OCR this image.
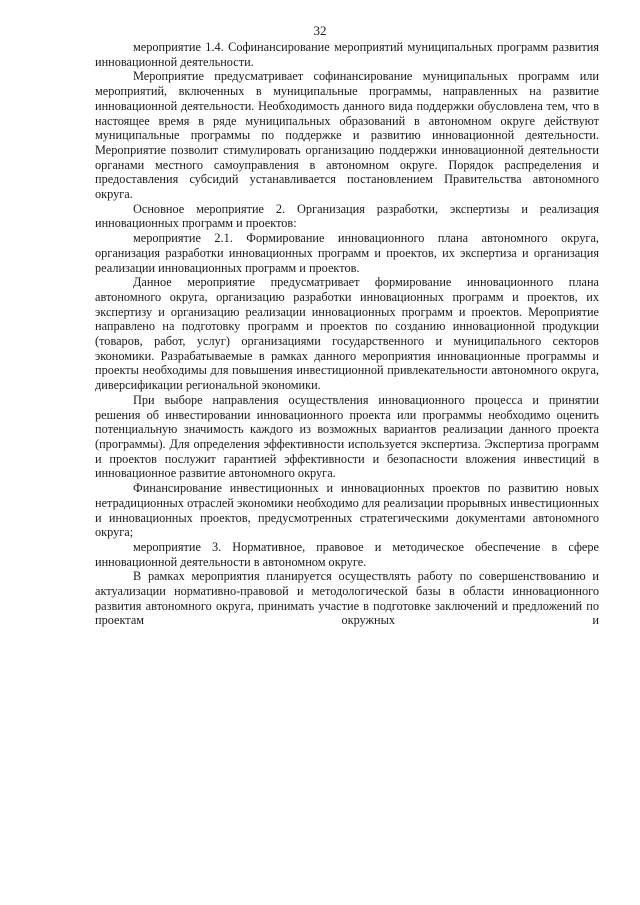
32

мероприятие 1.4. Софинансирование мероприятий муниципальных программ развития инновационной деятельности.

Мероприятие предусматривает софинансирование муниципальных программ или мероприятий, включенных в муниципальные программы, направленных на развитие инновационной деятельности. Необходимость данного вида поддержки обусловлена тем, что в настоящее время в ряде муниципальных образований в автономном округе действуют муниципальные программы по поддержке и развитию инновационной деятельности. Мероприятие позволит стимулировать организацию поддержки инновационной деятельности органами местного самоуправления в автономном округе. Порядок распределения и предоставления субсидий устанавливается постановлением Правительства автономного округа.

Основное мероприятие 2. Организация разработки, экспертизы и реализация инновационных программ и проектов:

мероприятие 2.1. Формирование инновационного плана автономного округа, организация разработки инновационных программ и проектов, их экспертиза и организация реализации инновационных программ и проектов.

Данное мероприятие предусматривает формирование инновационного плана автономного округа, организацию разработки инновационных программ и проектов, их экспертизу и организацию реализации инновационных программ и проектов. Мероприятие направлено на подготовку программ и проектов по созданию инновационной продукции (товаров, работ, услуг) организациями государственного и муниципального секторов экономики. Разрабатываемые в рамках данного мероприятия инновационные программы и проекты необходимы для повышения инвестиционной привлекательности автономного округа, диверсификации региональной экономики.

При выборе направления осуществления инновационного процесса и принятии решения об инвестировании инновационного проекта или программы необходимо оценить потенциальную значимость каждого из возможных вариантов реализации данного проекта (программы). Для определения эффективности используется экспертиза. Экспертиза программ и проектов послужит гарантией эффективности и безопасности вложения инвестиций в инновационное развитие автономного округа.

Финансирование инвестиционных и инновационных проектов по развитию новых нетрадиционных отраслей экономики необходимо для реализации прорывных инвестиционных и инновационных проектов, предусмотренных стратегическими документами автономного округа;

мероприятие 3. Нормативное, правовое и методическое обеспечение в сфере инновационной деятельности в автономном округе.

В рамках мероприятия планируется осуществлять работу по совершенствованию и актуализации нормативно-правовой и методологической базы в области инновационного развития автономного округа, принимать участие в подготовке заключений и предложений по проектам окружных и
